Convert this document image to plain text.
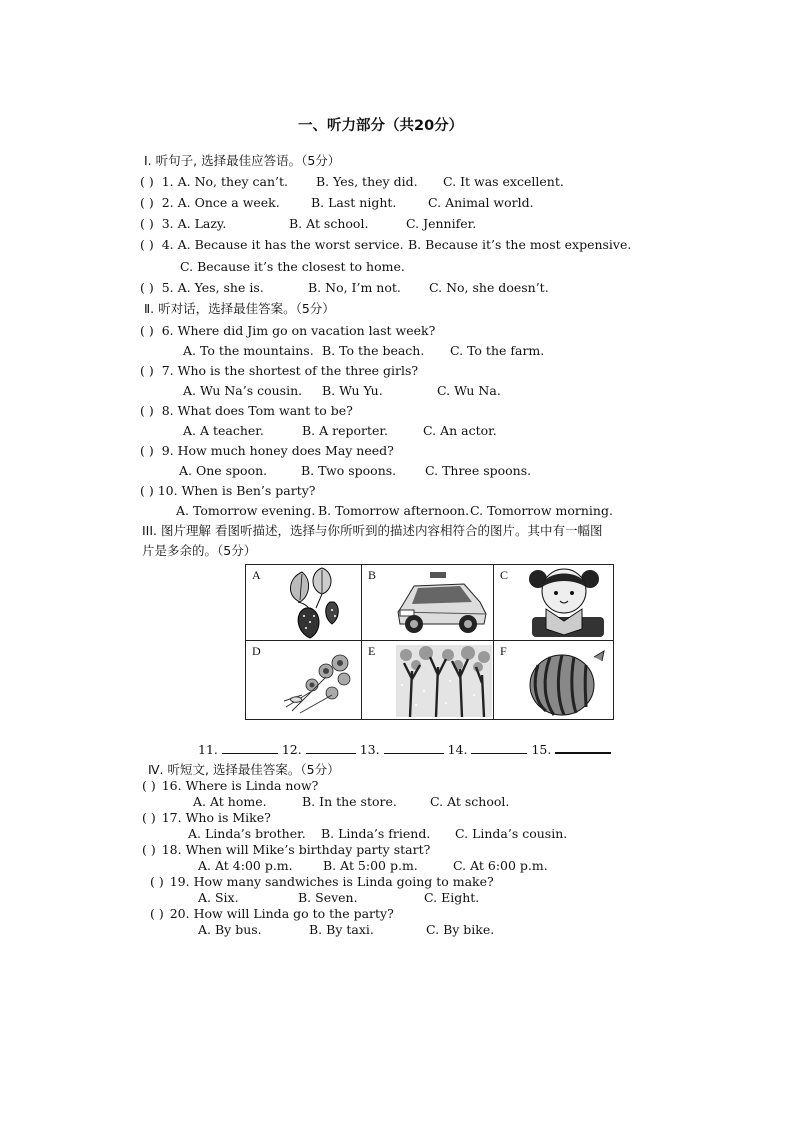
一、听力部分（共20分）
Ⅰ. 听句子, 选择最佳应答语。（5分）
( ) 1. A. No, they can’t. B. Yes, they did. C. It was excellent.
( ) 2. A. Once a week.	B. Last night.	C. Animal world.
( ) 3. A. Lazy.	B. At school.	C. Jennifer.
( ) 4. A. Because it has the worst service. B. Because it’s the most expensive.
C. Because it’s the closest to home.
( ) 5. A. Yes, she is.	B. No, I’m not. C. No, she doesn’t.
Ⅱ. 听对话，选择最佳答案。（5分）
( ) 6. Where did Jim go on vacation last week?
A. To the mountains. B. To the beach. C. To the farm.
( ) 7. Who is the shortest of the three girls?
A. Wu Na’s cousin. B. Wu Yu.	C. Wu Na.
( ) 8. What does Tom want to be?
A. A teacher.	B. A reporter.	C. An actor.
( ) 9. How much honey does May need?
A. One spoon.	B. Two spoons. C. Three spoons.
( ) 10. When is Ben’s party?
A. Tomorrow evening. B. Tomorrow afternoon. C. Tomorrow morning.
III. 图片理解 看图听描述，选择与你所听到的描述内容相符合的图片。其中有一幅图
片是多余的。（5分）
A	B	C

D	E	F
11.	12.	13.	14.	15.
Ⅳ. 听短文, 选择最佳答案。（5分）
( ) 16. Where is Linda now?
A. At home.	B. In the store.	C. At school.
( ) 17. Who is Mike?
A. Linda’s brother. B. Linda’s friend. C. Linda’s cousin.
( ) 18. When will Mike’s birthday party start?
A. At 4:00 p.m. B. At 5:00 p.m.	C. At 6:00 p.m.
( ) 19. How many sandwiches is Linda going to make?
A. Six.	B. Seven.	C. Eight.
( ) 20. How will Linda go to the party?
A. By bus.	B. By taxi.	C. By bike.
